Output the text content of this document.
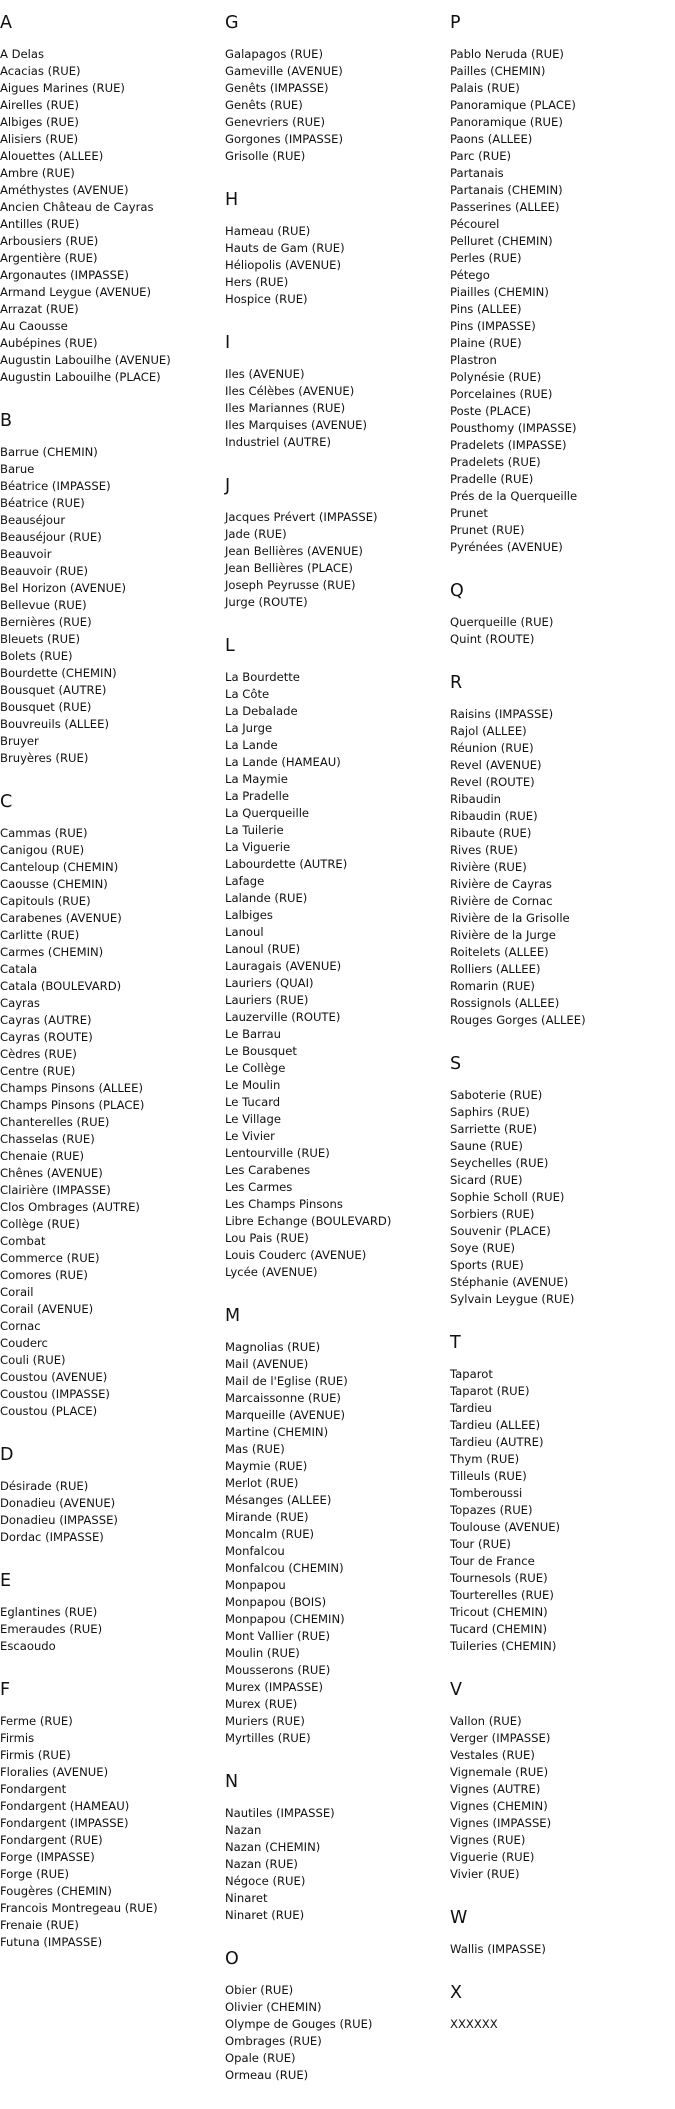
A
A Delas
Acacias (RUE)
Aigues Marines (RUE)
Airelles (RUE)
Albiges (RUE)
Alisiers (RUE)
Alouettes (ALLEE)
Ambre (RUE)
Améthystes (AVENUE)
Ancien Château de Cayras
Antilles (RUE)
Arbousiers (RUE)
Argentière (RUE)
Argonautes (IMPASSE)
Armand Leygue (AVENUE)
Arrazat (RUE)
Au Caousse
Aubépines (RUE)
Augustin Labouilhe (AVENUE)
Augustin Labouilhe (PLACE)
B
Barrue (CHEMIN)
Barue
Béatrice (IMPASSE)
Béatrice (RUE)
Beauséjour
Beauséjour (RUE)
Beauvoir
Beauvoir (RUE)
Bel Horizon (AVENUE)
Bellevue (RUE)
Bernières (RUE)
Bleuets (RUE)
Bolets (RUE)
Bourdette (CHEMIN)
Bousquet (AUTRE)
Bousquet (RUE)
Bouvreuils (ALLEE)
Bruyer
Bruyères (RUE)
C
Cammas (RUE)
Canigou (RUE)
Canteloup (CHEMIN)
Caousse (CHEMIN)
Capitouls (RUE)
Carabenes (AVENUE)
Carlitte (RUE)
Carmes (CHEMIN)
Catala
Catala (BOULEVARD)
Cayras
Cayras (AUTRE)
Cayras (ROUTE)
Cèdres (RUE)
Centre (RUE)
Champs Pinsons (ALLEE)
Champs Pinsons (PLACE)
Chanterelles (RUE)
Chasselas (RUE)
Chenaie (RUE)
Chênes (AVENUE)
Clairière (IMPASSE)
Clos Ombrages (AUTRE)
Collège (RUE)
Combat
Commerce (RUE)
Comores (RUE)
Corail
Corail (AVENUE)
Cornac
Couderc
Couli (RUE)
Coustou (AVENUE)
Coustou (IMPASSE)
Coustou (PLACE)
D
Désirade (RUE)
Donadieu (AVENUE)
Donadieu (IMPASSE)
Dordac (IMPASSE)
E
Eglantines (RUE)
Emeraudes (RUE)
Escaoudo
F
Ferme (RUE)
Firmis
Firmis (RUE)
Floralies (AVENUE)
Fondargent
Fondargent (HAMEAU)
Fondargent (IMPASSE)
Fondargent (RUE)
Forge (IMPASSE)
Forge (RUE)
Fougères (CHEMIN)
Francois Montregeau (RUE)
Frenaie (RUE)
Futuna (IMPASSE)
G
Galapagos (RUE)
Gameville (AVENUE)
Genêts (IMPASSE)
Genêts (RUE)
Genevriers (RUE)
Gorgones (IMPASSE)
Grisolle (RUE)
H
Hameau (RUE)
Hauts de Gam (RUE)
Héliopolis (AVENUE)
Hers (RUE)
Hospice (RUE)
I
Iles (AVENUE)
Iles Célèbes (AVENUE)
Iles Mariannes (RUE)
Iles Marquises (AVENUE)
Industriel (AUTRE)
J
Jacques Prévert (IMPASSE)
Jade (RUE)
Jean Bellières (AVENUE)
Jean Bellières (PLACE)
Joseph Peyrusse (RUE)
Jurge (ROUTE)
L
La Bourdette
La Côte
La Debalade
La Jurge
La Lande
La Lande (HAMEAU)
La Maymie
La Pradelle
La Querqueille
La Tuilerie
La Viguerie
Labourdette (AUTRE)
Lafage
Lalande (RUE)
Lalbiges
Lanoul
Lanoul (RUE)
Lauragais (AVENUE)
Lauriers (QUAI)
Lauriers (RUE)
Lauzerville (ROUTE)
Le Barrau
Le Bousquet
Le Collège
Le Moulin
Le Tucard
Le Village
Le Vivier
Lentourville (RUE)
Les Carabenes
Les Carmes
Les Champs Pinsons
Libre Echange (BOULEVARD)
Lou Pais (RUE)
Louis Couderc (AVENUE)
Lycée (AVENUE)
M
Magnolias (RUE)
Mail (AVENUE)
Mail de l'Eglise (RUE)
Marcaissonne (RUE)
Marqueille (AVENUE)
Martine (CHEMIN)
Mas (RUE)
Maymie (RUE)
Merlot (RUE)
Mésanges (ALLEE)
Mirande (RUE)
Moncalm (RUE)
Monfalcou
Monfalcou (CHEMIN)
Monpapou
Monpapou (BOIS)
Monpapou (CHEMIN)
Mont Vallier (RUE)
Moulin (RUE)
Mousserons (RUE)
Murex (IMPASSE)
Murex (RUE)
Muriers (RUE)
Myrtilles (RUE)
N
Nautiles (IMPASSE)
Nazan
Nazan (CHEMIN)
Nazan (RUE)
Négoce (RUE)
Ninaret
Ninaret (RUE)
O
Obier (RUE)
Olivier (CHEMIN)
Olympe de Gouges (RUE)
Ombrages (RUE)
Opale (RUE)
Ormeau (RUE)
P
Pablo Neruda (RUE)
Pailles (CHEMIN)
Palais (RUE)
Panoramique (PLACE)
Panoramique (RUE)
Paons (ALLEE)
Parc (RUE)
Partanais
Partanais (CHEMIN)
Passerines (ALLEE)
Pécourel
Pelluret (CHEMIN)
Perles (RUE)
Pétego
Piailles (CHEMIN)
Pins (ALLEE)
Pins (IMPASSE)
Plaine (RUE)
Plastron
Polynésie (RUE)
Porcelaines (RUE)
Poste (PLACE)
Pousthomy (IMPASSE)
Pradelets (IMPASSE)
Pradelets (RUE)
Pradelle (RUE)
Prés de la Querqueille
Prunet
Prunet (RUE)
Pyrénées (AVENUE)
Q
Querqueille (RUE)
Quint (ROUTE)
R
Raisins (IMPASSE)
Rajol (ALLEE)
Réunion (RUE)
Revel (AVENUE)
Revel (ROUTE)
Ribaudin
Ribaudin (RUE)
Ribaute (RUE)
Rives (RUE)
Rivière (RUE)
Rivière de Cayras
Rivière de Cornac
Rivière de la Grisolle
Rivière de la Jurge
Roitelets (ALLEE)
Rolliers (ALLEE)
Romarin (RUE)
Rossignols (ALLEE)
Rouges Gorges (ALLEE)
S
Saboterie (RUE)
Saphirs (RUE)
Sarriette (RUE)
Saune (RUE)
Seychelles (RUE)
Sicard (RUE)
Sophie Scholl (RUE)
Sorbiers (RUE)
Souvenir (PLACE)
Soye (RUE)
Sports (RUE)
Stéphanie (AVENUE)
Sylvain Leygue (RUE)
T
Taparot
Taparot (RUE)
Tardieu
Tardieu (ALLEE)
Tardieu (AUTRE)
Thym (RUE)
Tilleuls (RUE)
Tomberoussi
Topazes (RUE)
Toulouse (AVENUE)
Tour (RUE)
Tour de France
Tournesols (RUE)
Tourterelles (RUE)
Tricout (CHEMIN)
Tucard (CHEMIN)
Tuileries (CHEMIN)
V
Vallon (RUE)
Verger (IMPASSE)
Vestales (RUE)
Vignemale (RUE)
Vignes (AUTRE)
Vignes (CHEMIN)
Vignes (IMPASSE)
Vignes (RUE)
Viguerie (RUE)
Vivier (RUE)
W
Wallis (IMPASSE)
X
XXXXXX
